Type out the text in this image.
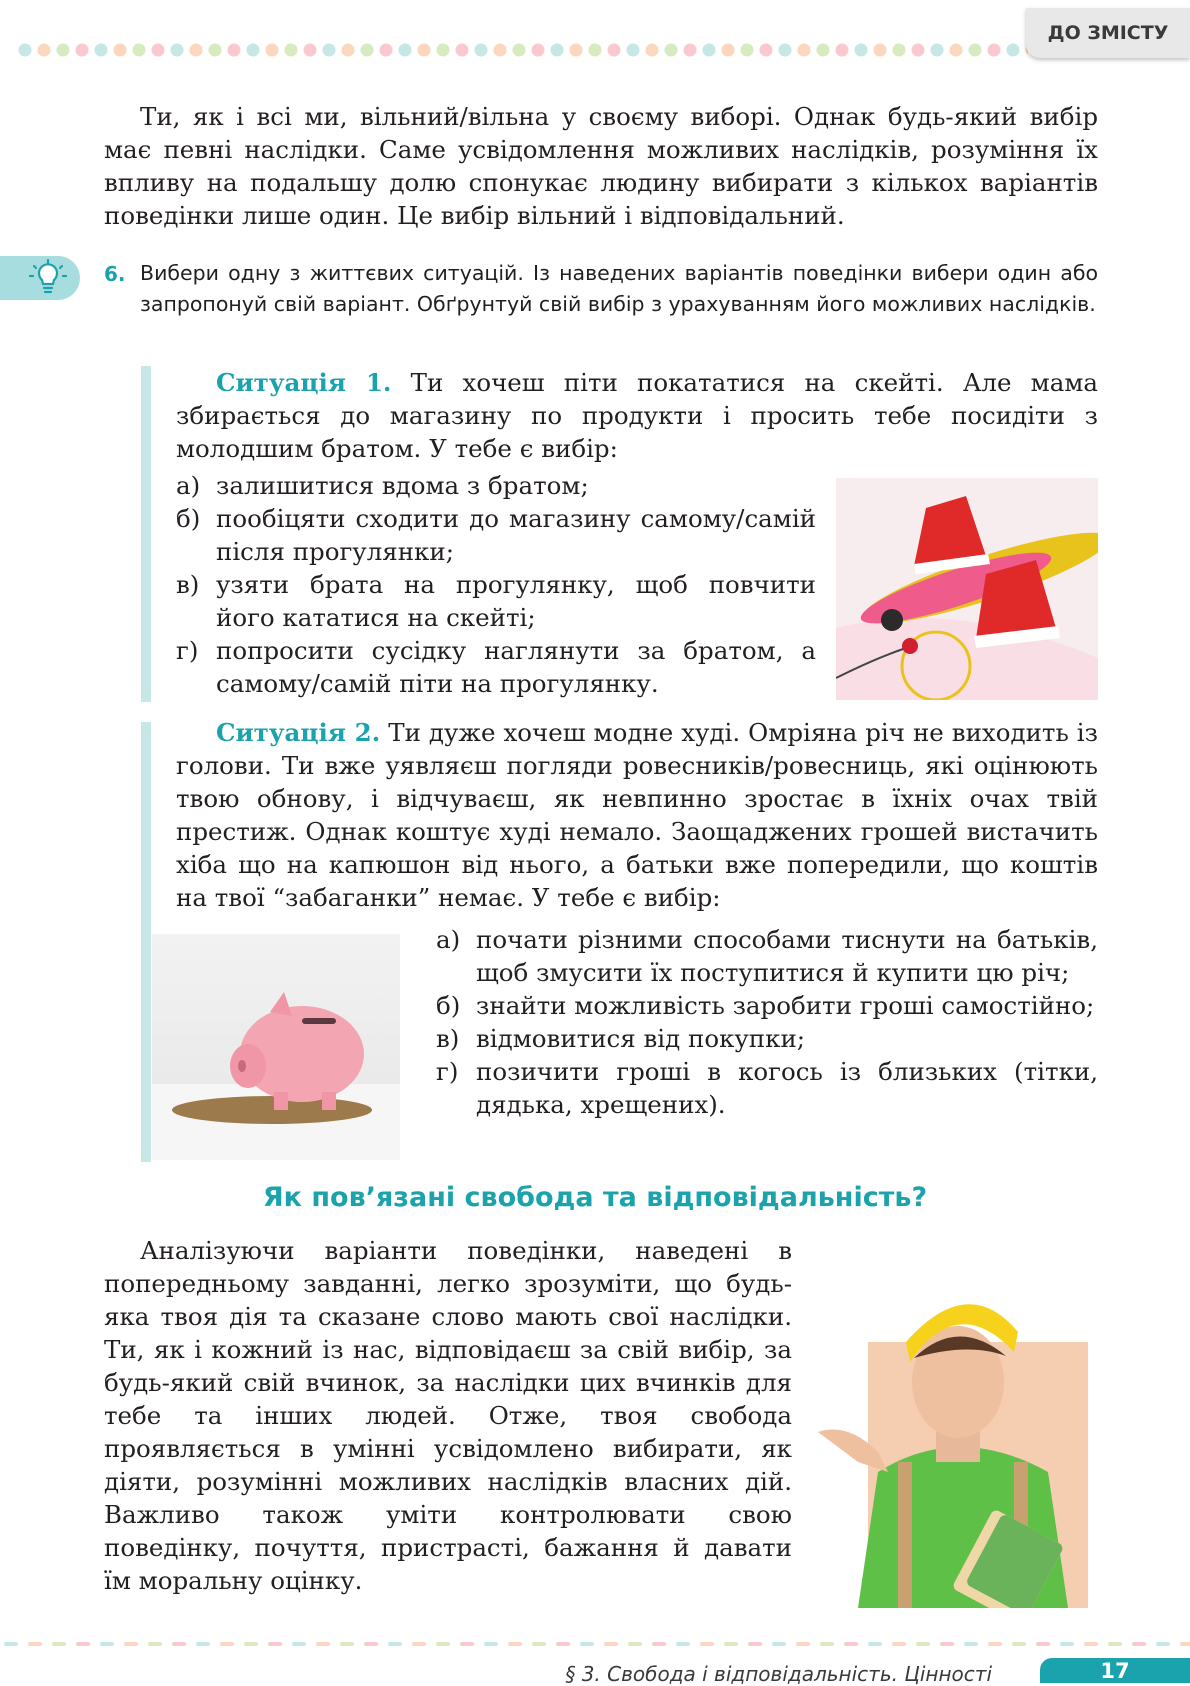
ДО ЗМІСТУ

Ти, як і всі ми, вільний/вільна у своєму виборі. Однак будь-який вибір має певні наслідки. Саме усвідомлення можливих наслідків, розуміння їх впливу на подальшу долю спонукає людину вибирати з кількох варіантів поведінки лише один. Це вибір вільний і відповідальний.

6. Вибери одну з життєвих ситуацій. Із наведених варіантів поведінки вибери один або запропонуй свій варіант. Обґрунтуй свій вибір з урахуванням його можливих наслідків.

Ситуація 1. Ти хочеш піти покататися на скейті. Але мама збирається до магазину по продукти і просить тебе посидіти з молодшим братом. У тебе є вибір:

а) залишитися вдома з братом;
б) пообіцяти сходити до магазину самому/самій після прогулянки;
в) узяти брата на прогулянку, щоб повчити його кататися на скейті;
г) попросити сусідку наглянути за братом, а самому/самій піти на прогулянку.

Ситуація 2. Ти дуже хочеш модне худі. Омріяна річ не виходить із голови. Ти вже уявляєш погляди ровесників/ровесниць, які оцінюють твою обнову, і відчуваєш, як невпинно зростає в їхніх очах твій престиж. Однак коштує худі немало. Заощаджених грошей вистачить хіба що на капюшон від нього, а батьки вже попередили, що коштів на твої “забаганки” немає. У тебе є вибір:

а) почати різними способами тиснути на батьків, щоб змусити їх поступитися й купити цю річ;
б) знайти можливість заробити гроші самостійно;
в) відмовитися від покупки;
г) позичити гроші в когось із близьких (тітки, дядька, хрещених).
Як пов’язані свобода та відповідальність?

Аналізуючи варіанти поведінки, наведені в попередньому завданні, легко зрозуміти, що будь-яка твоя дія та сказане слово мають свої наслідки. Ти, як і кожний із нас, відповідаєш за свій вибір, за будь-який свій вчинок, за наслідки цих вчинків для тебе та інших людей. Отже, твоя свобода проявляється в умінні усвідомлено вибирати, як діяти, розумінні можливих наслідків власних дій. Важливо також уміти контролювати свою поведінку, почуття, пристрасті, бажання й давати їм моральну оцінку.

§ 3. Свобода і відповідальність. Цінності	17
